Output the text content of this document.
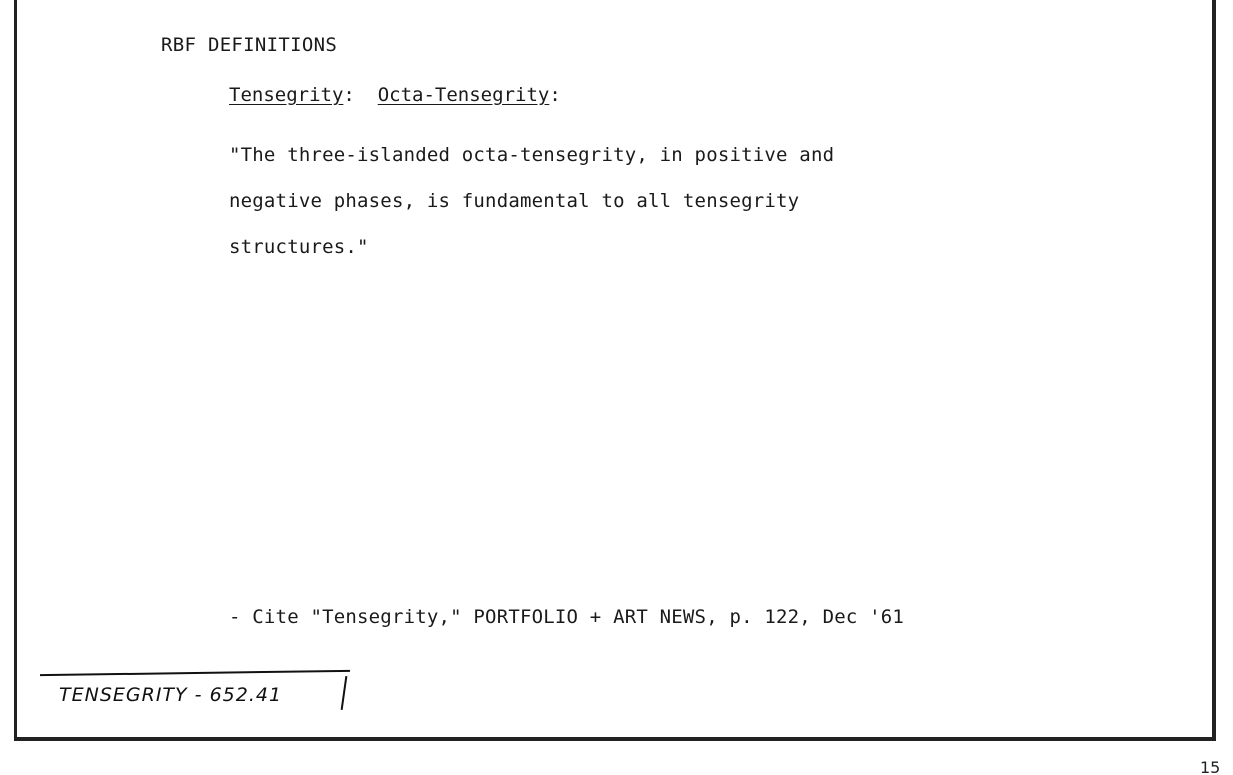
RBF DEFINITIONS
Tensegrity: Octa-Tensegrity:
"The three-islanded octa-tensegrity, in positive and
negative phases, is fundamental to all tensegrity
structures."
- Cite "Tensegrity," PORTFOLIO + ART NEWS, p. 122, Dec '61
TENSEGRITY - 652.41
15
